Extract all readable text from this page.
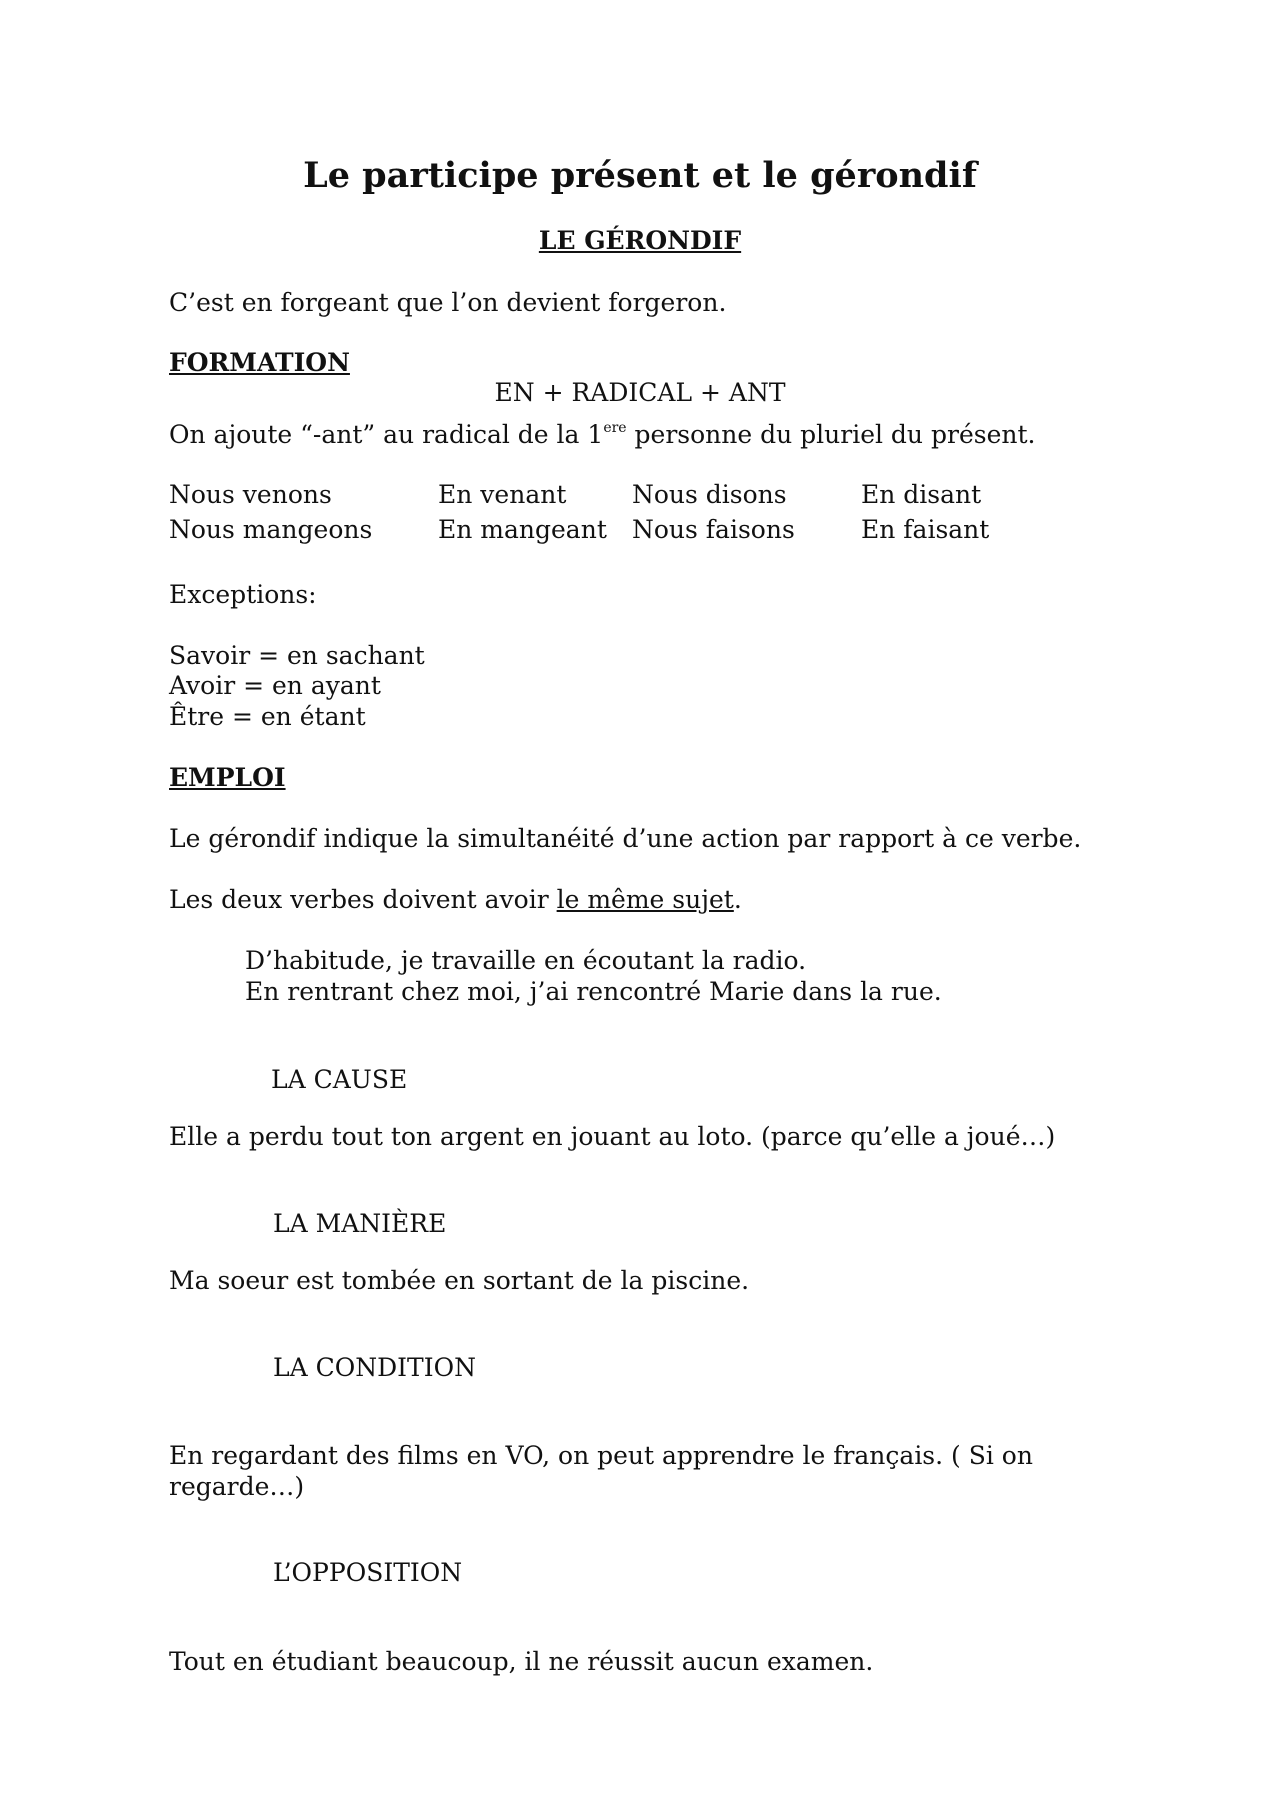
Le participe présent et le gérondif
LE GÉRONDIF
C’est en forgeant que l’on devient forgeron.
FORMATION
EN + RADICAL + ANT
On ajoute “-ant” au radical de la 1ere personne du pluriel du présent.
Nous venons	En venant	Nous disons	En disant
Nous mangeons	En mangeant Nous faisons	En faisant
Exceptions:
Savoir = en sachant
Avoir = en ayant
Être = en étant
EMPLOI
Le gérondif indique la simultanéité d’une action par rapport à ce verbe.
Les deux verbes doivent avoir le même sujet.
D’habitude, je travaille en écoutant la radio.
En rentrant chez moi, j’ai rencontré Marie dans la rue.
LA CAUSE
Elle a perdu tout ton argent en jouant au loto. (parce qu’elle a joué…)
LA MANIÈRE
Ma soeur est tombée en sortant de la piscine.
LA CONDITION
En regardant des films en VO, on peut apprendre le français. ( Si on
regarde…)
L’OPPOSITION
Tout en étudiant beaucoup, il ne réussit aucun examen.
